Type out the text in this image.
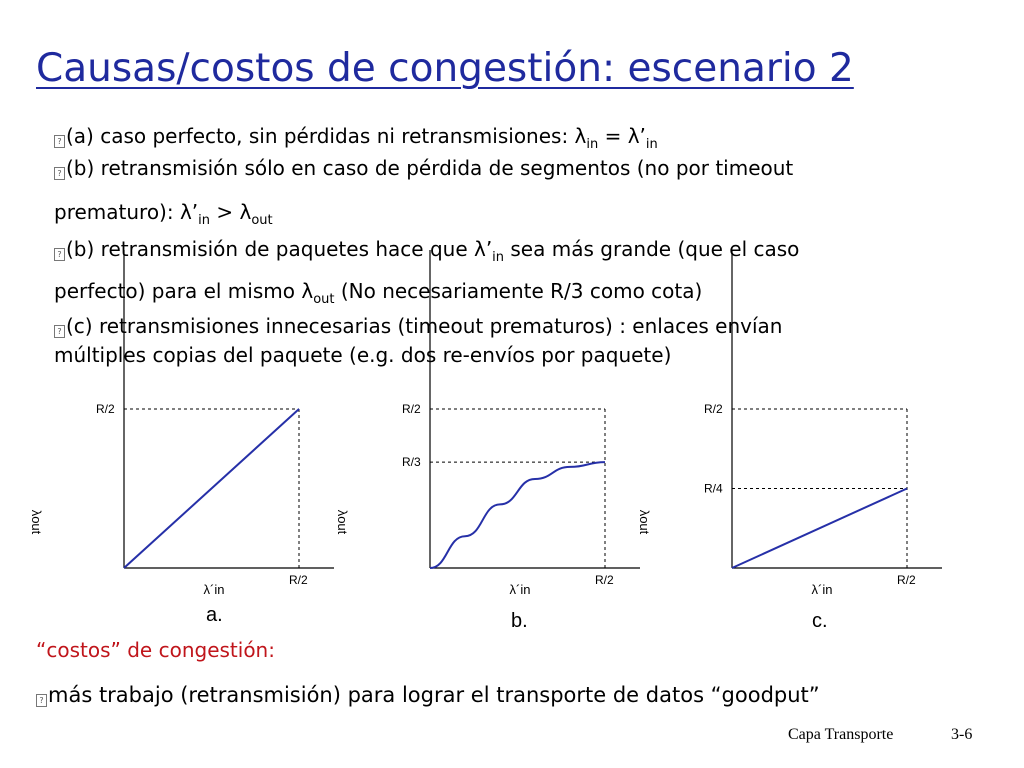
Causas/costos de congestión: escenario 2
? (a) caso perfecto, sin pérdidas ni retransmisiones: $\lambda_{in}$ = $\lambda’_{in}$
? (b) retransmisión sólo en caso de pérdida de segmentos (no por timeout
prematuro): $\lambda’_{in} > \lambda_{out}$
? (b) retransmisión de paquetes hace que $\lambda’_{in}$ sea más grande (que el caso
perfecto) para el mismo $\lambda_{out}$ (No necesariamente R/3 como cota)
? (c) retransmisiones innecesarias (timeout prematuros) : enlaces envían
múltiples copias del paquete (e.g. dos re-envíos por paquete)
R/2
R/2
λ´in
λout
R/2
R/3
R/2
λ´in
λout
R/2
R/4
R/2
λ´in
λout
a.	b.	c.
“costos” de congestión:
? más trabajo (retransmisión) para lograr el transporte de datos “goodput”
Capa Transporte	3-6
